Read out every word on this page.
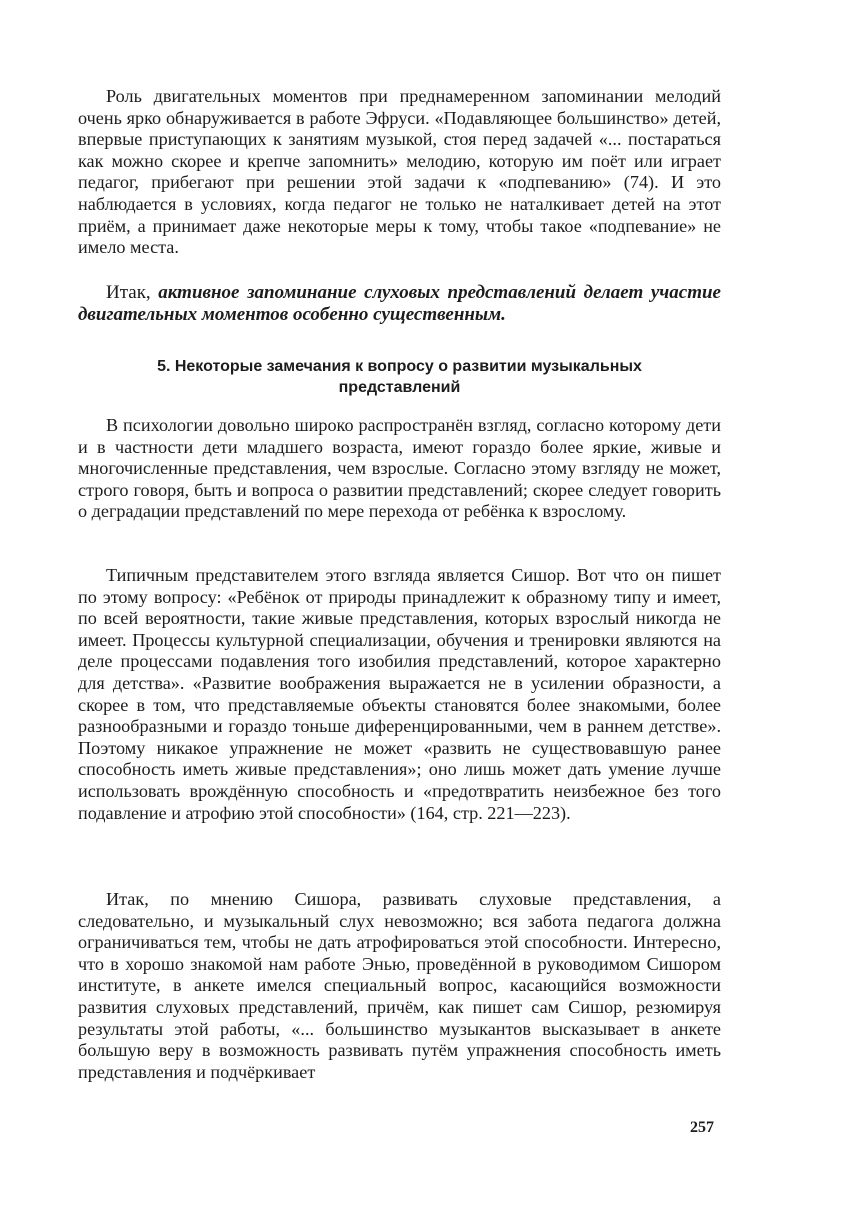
Роль двигательных моментов при преднамеренном запоминании мелодий очень ярко обнаруживается в работе Эфруси. «Подавляющее большинство» детей, впервые приступающих к занятиям музыкой, стоя перед задачей «... постараться как можно скорее и крепче запомнить» мелодию, которую им поёт или играет педагог, прибегают при решении этой задачи к «подпеванию» (74). И это наблюдается в условиях, когда педагог не только не наталкивает детей на этот приём, а принимает даже некоторые меры к тому, чтобы такое «подпевание» не имело места.

Итак, активное запоминание слуховых представлений делает участие двигательных моментов особенно существенным.

5. Некоторые замечания к вопросу о развитии музыкальных
представлений

В психологии довольно широко распространён взгляд, согласно которому дети и в частности дети младшего возраста, имеют гораздо более яркие, живые и многочисленные представления, чем взрослые. Согласно этому взгляду не может, строго говоря, быть и вопроса о развитии представлений; скорее следует говорить о деградации представлений по мере перехода от ребёнка к взрослому.

Типичным представителем этого взгляда является Сишор. Вот что он пишет по этому вопросу: «Ребёнок от природы принадлежит к образному типу и имеет, по всей вероятности, такие живые представления, которых взрослый никогда не имеет. Процессы культурной специализации, обучения и тренировки являются на деле процессами подавления того изобилия представлений, которое характерно для детства». «Развитие воображения выражается не в усилении образности, а скорее в том, что представляемые объекты становятся более знакомыми, более разнообразными и гораздо тоньше диференцированными, чем в раннем детстве». Поэтому никакое упражнение не может «развить не существовавшую ранее способность иметь живые представления»; оно лишь может дать умение лучше использовать врождённую способность и «предотвратить неизбежное без того подавление и атрофию этой способности» (164, стр. 221—223).

Итак, по мнению Сишора, развивать слуховые представления, а следовательно, и музыкальный слух невозможно; вся забота педагога должна ограничиваться тем, чтобы не дать атрофироваться этой способности. Интересно, что в хорошо знакомой нам работе Энью, проведённой в руководимом Сишором институте, в анкете имелся специальный вопрос, касающийся возможности развития слуховых представлений, причём, как пишет сам Сишор, резюмируя результаты этой работы, «... большинство музыкантов высказывает в анкете большую веру в возможность развивать путём упражнения способность иметь представления и подчёркивает

257
